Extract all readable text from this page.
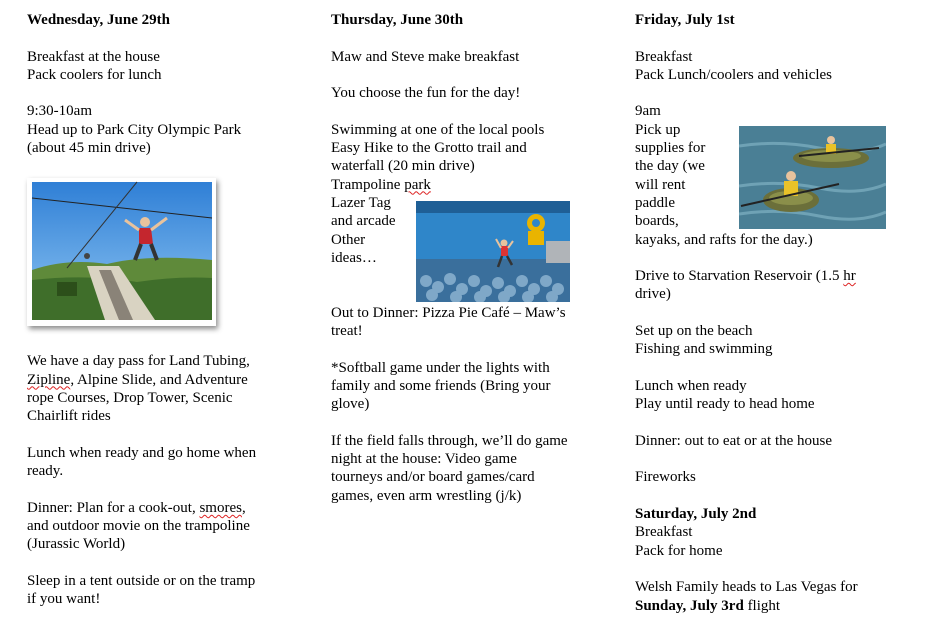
Wednesday, June 29th
Breakfast at the house
Pack coolers for lunch
9:30-10am
Head up to Park City Olympic Park
(about 45 min drive)
We have a day pass for Land Tubing,
Zipline, Alpine Slide, and Adventure
rope Courses, Drop Tower, Scenic
Chairlift rides
Lunch when ready and go home when
ready.
Dinner: Plan for a cook-out, smores,
and outdoor movie on the trampoline
(Jurassic World)
Sleep in a tent outside or on the tramp
if you want!
Thursday, June 30th
Maw and Steve make breakfast
You choose the fun for the day!
Swimming at one of the local pools
Easy Hike to the Grotto trail and
waterfall (20 min drive)
Trampoline park
Lazer Tag
and arcade
Other
ideas…
Out to Dinner: Pizza Pie Café – Maw’s
treat!
*Softball game under the lights with
family and some friends (Bring your
glove)
If the field falls through, we’ll do game
night at the house: Video game
tourneys and/or board games/card
games, even arm wrestling (j/k)
Friday, July 1st
Breakfast
Pack Lunch/coolers and vehicles
9am
Pick up
supplies for
the day (we
will rent
paddle
boards,
kayaks, and rafts for the day.)
Drive to Starvation Reservoir (1.5 hr
drive)
Set up on the beach
Fishing and swimming
Lunch when ready
Play until ready to head home
Dinner: out to eat or at the house
Fireworks
Saturday, July 2nd
Breakfast
Pack for home
Welsh Family heads to Las Vegas for
Sunday, July 3rd flight
